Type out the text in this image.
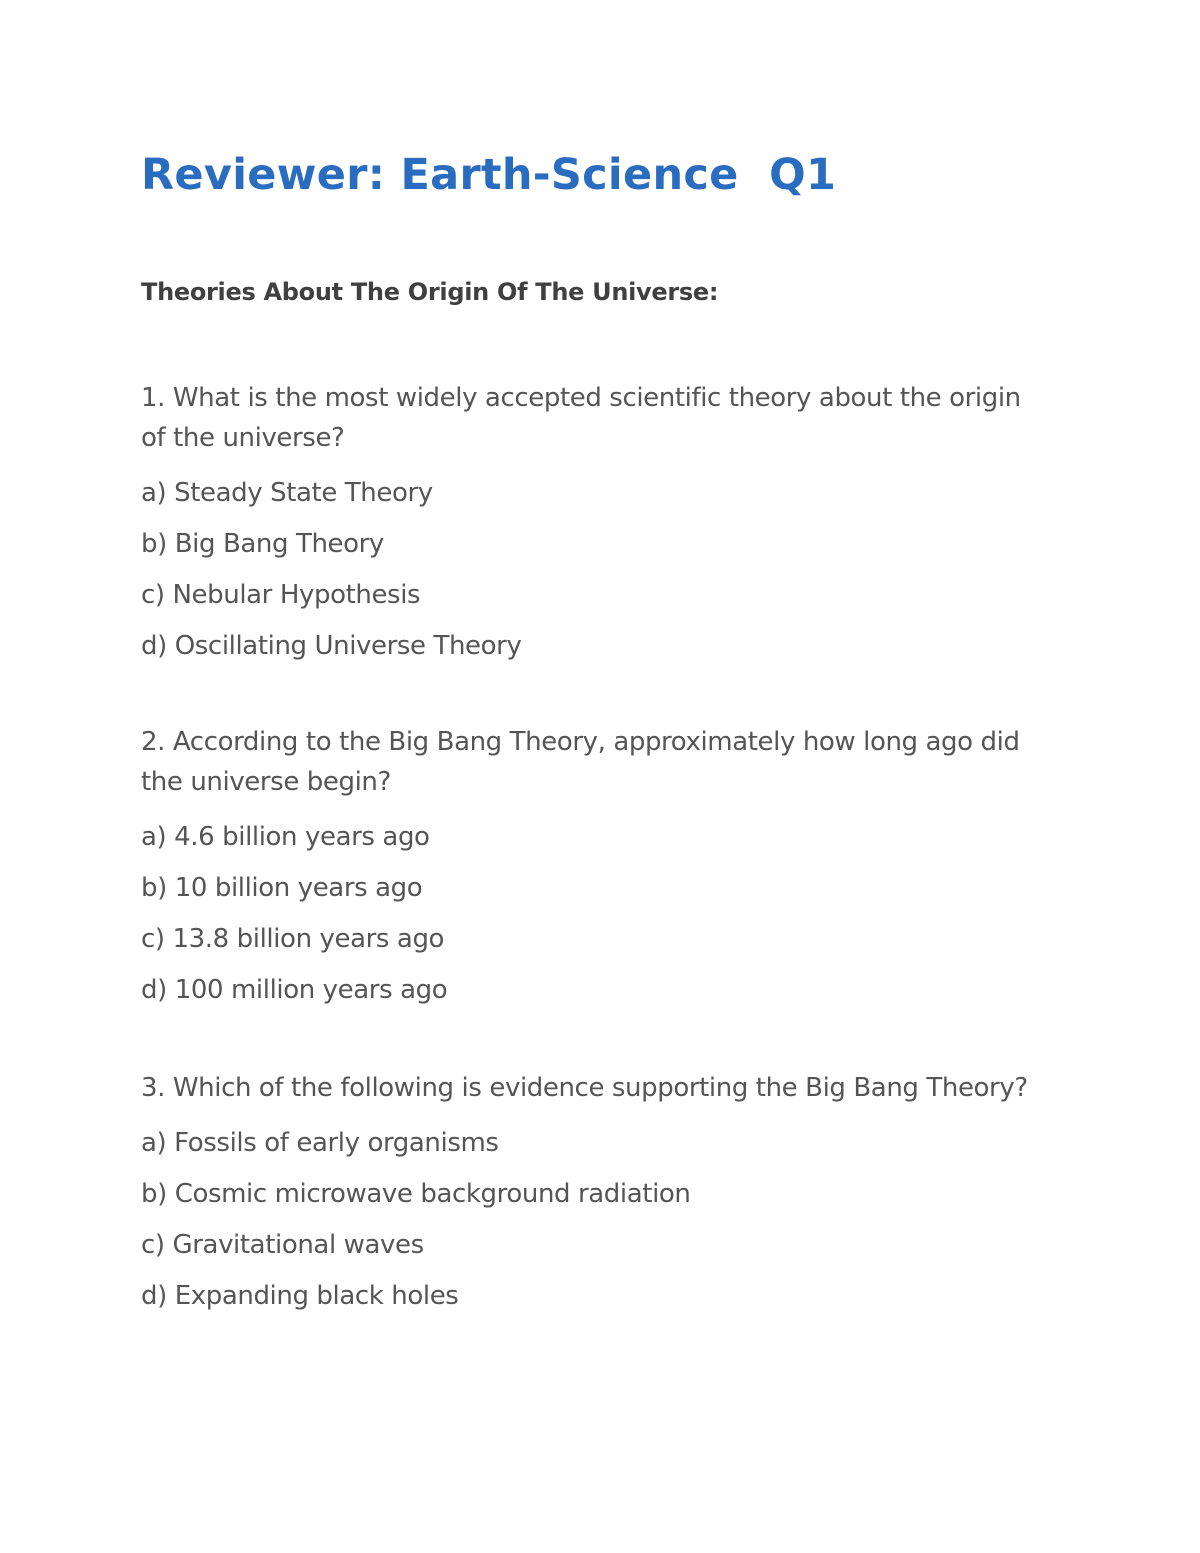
Reviewer: Earth-Science  Q1
Theories About The Origin Of The Universe:

1. What is the most widely accepted scientific theory about the origin of the universe?

a) Steady State Theory
b) Big Bang Theory
c) Nebular Hypothesis
d) Oscillating Universe Theory

2. According to the Big Bang Theory, approximately how long ago did the universe begin?

a) 4.6 billion years ago
b) 10 billion years ago
c) 13.8 billion years ago
d) 100 million years ago

3. Which of the following is evidence supporting the Big Bang Theory?

a) Fossils of early organisms
b) Cosmic microwave background radiation
c) Gravitational waves
d) Expanding black holes
